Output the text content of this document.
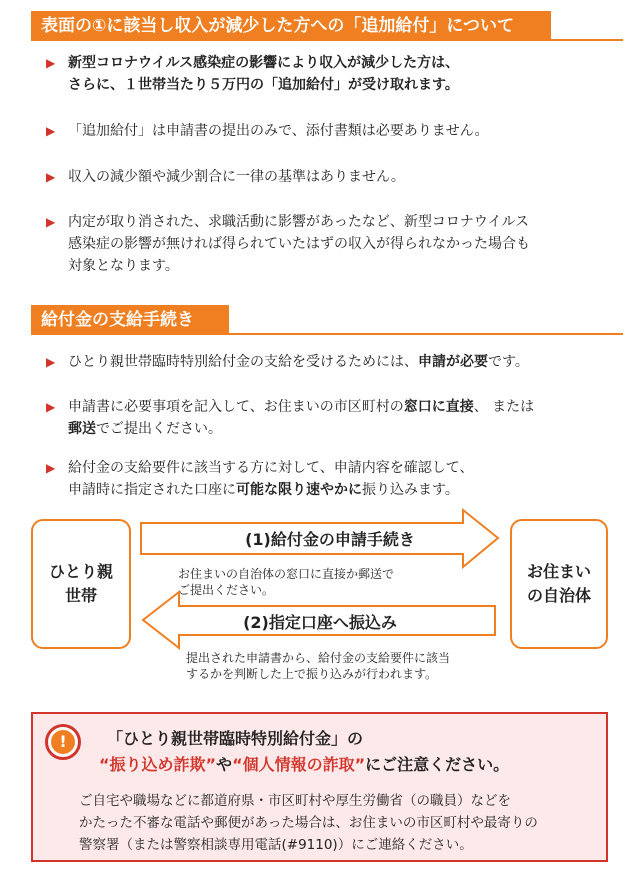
表面の①に該当し収入が減少した方への「追加給付」について
▶ 新型コロナウイルス感染症の影響により収入が減少した方は、
さらに、１世帯当たり５万円の「追加給付」が受け取れます。
▶ 「追加給付」は申請書の提出のみで、添付書類は必要ありません。
▶ 収入の減少額や減少割合に一律の基準はありません。
▶ 内定が取り消された、求職活動に影響があったなど、新型コロナウイルス
感染症の影響が無ければ得られていたはずの収入が得られなかった場合も
対象となります。
給付金の支給手続き
▶ ひとり親世帯臨時特別給付金の支給を受けるためには、申請が必要です。
▶ 申請書に必要事項を記入して、お住まいの市区町村の窓口に直接、 または
郵送でご提出ください。
▶ 給付金の支給要件に該当する方に対して、申請内容を確認して、
申請時に指定された口座に可能な限り速やかに振り込みます。
ひとり親
世帯
お住まい
の自治体
(1)給付金の申請手続き
お住まいの自治体の窓口に直接か郵送で
ご提出ください。
(2)指定口座へ振込み
提出された申請書から、給付金の支給要件に該当
するかを判断した上で振り込みが行われます。
!	「ひとり親世帯臨時特別給付金」の
“振り込め詐欺”や“個人情報の詐取”にご注意ください。
ご自宅や職場などに都道府県・市区町村や厚生労働省（の職員）などを
かたった不審な電話や郵便があった場合は、お住まいの市区町村や最寄りの
警察署（または警察相談専用電話(#9110)）にご連絡ください。
